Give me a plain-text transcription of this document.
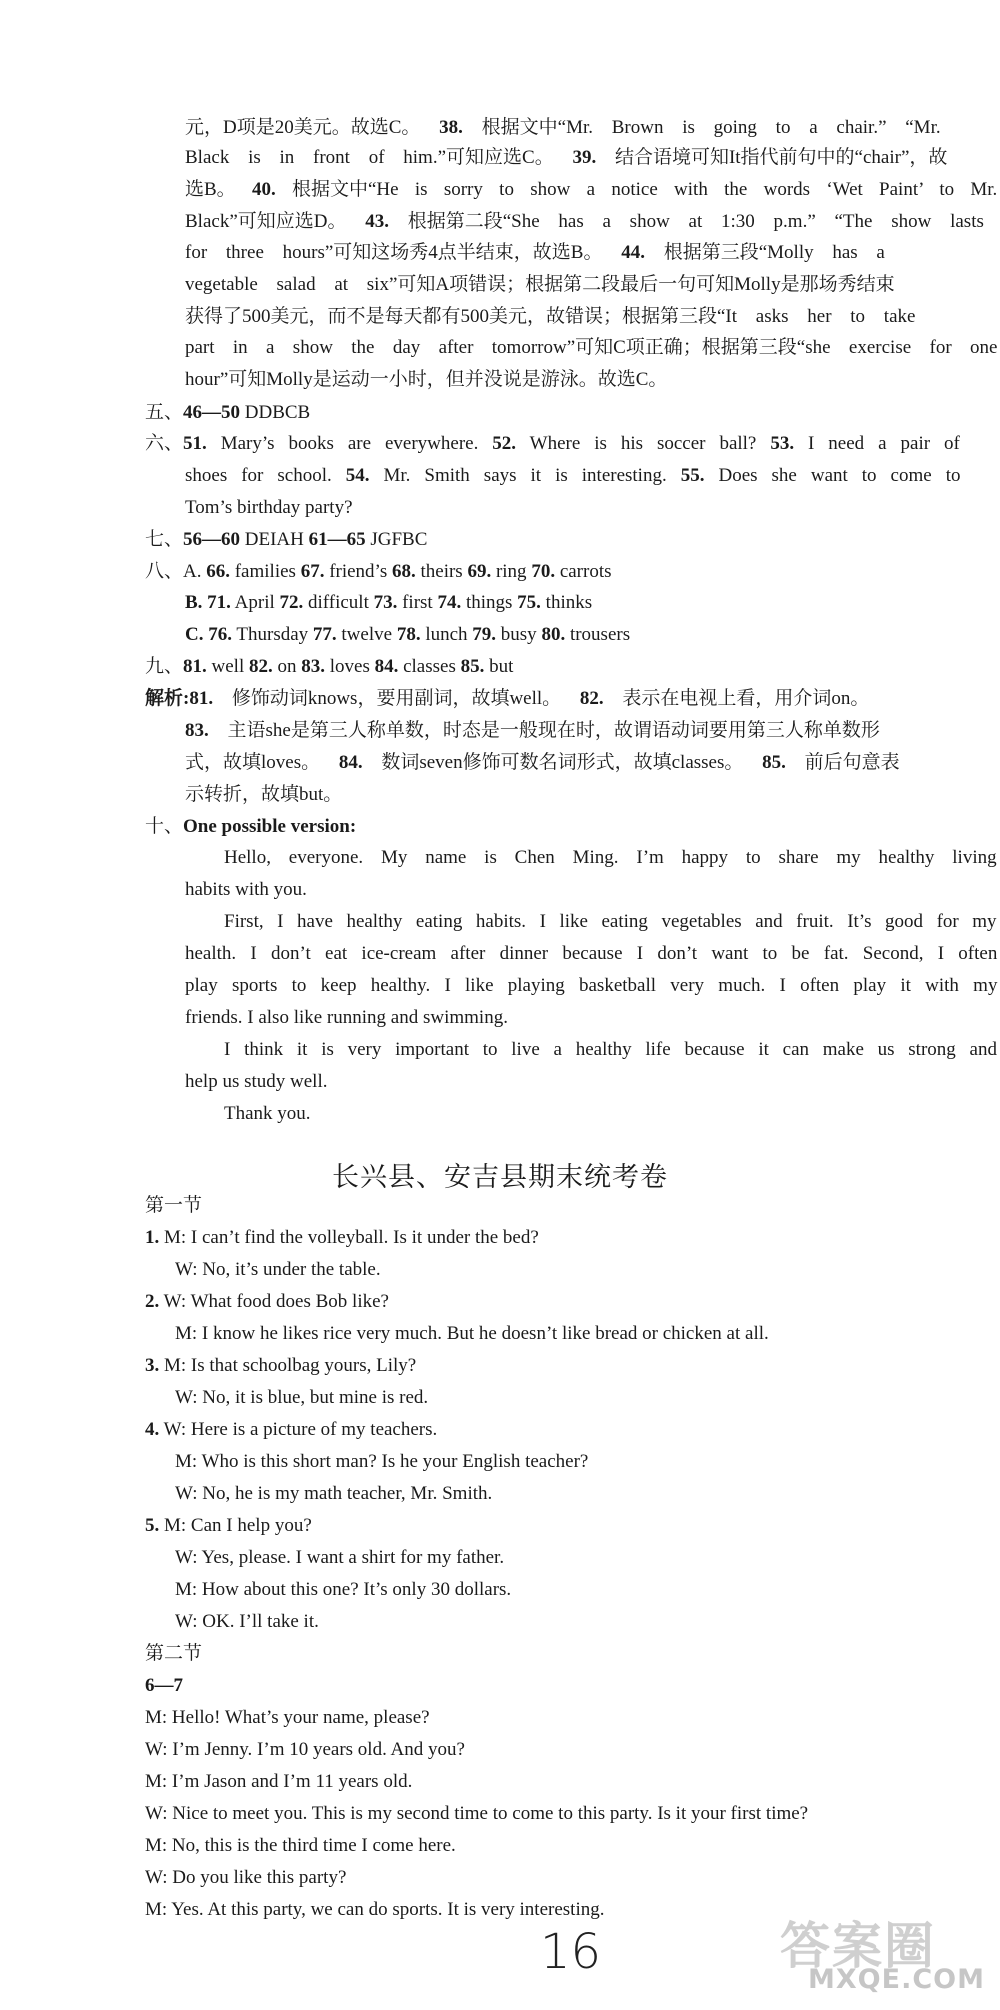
长兴县、安吉县期末统考卷
16	答案圈
MXQE.COM
元，D项是20美元。故选C。 38. 根据文中“Mr. Brown is going to a chair.” “Mr.
Black is in front of him.”可知应选C。 39. 结合语境可知It指代前句中的“chair”，故
选B。 40. 根据文中“He is sorry to show a notice with the words ‘Wet Paint’ to Mr.
Black”可知应选D。 43. 根据第二段“She has a show at 1:30 p.m.” “The show lasts
for three hours”可知这场秀4点半结束，故选B。 44. 根据第三段“Molly has a
vegetable salad at six”可知A项错误；根据第二段最后一句可知Molly是那场秀结束
获得了500美元，而不是每天都有500美元，故错误；根据第三段“It asks her to take
part in a show the day after tomorrow”可知C项正确；根据第三段“she exercise for one
hour”可知Molly是运动一小时，但并没说是游泳。故选C。
五、46—50 DDBCB
六、51. Mary’s books are everywhere. 52. Where is his soccer ball? 53. I need a pair of
shoes for school. 54. Mr. Smith says it is interesting. 55. Does she want to come to
Tom’s birthday party?
七、56—60 DEIAH 61—65 JGFBC
八、A. 66. families 67. friend’s 68. theirs 69. ring 70. carrots
B. 71. April 72. difficult 73. first 74. things 75. thinks
C. 76. Thursday 77. twelve 78. lunch 79. busy 80. trousers
九、81. well 82. on 83. loves 84. classes 85. but
解析:81. 修饰动词knows，要用副词，故填well。 82. 表示在电视上看，用介词on。
83. 主语she是第三人称单数，时态是一般现在时，故谓语动词要用第三人称单数形
式，故填loves。 84. 数词seven修饰可数名词形式，故填classes。 85. 前后句意表
示转折，故填but。
十、One possible version:
Hello, everyone. My name is Chen Ming. I’m happy to share my healthy living
habits with you.
First, I have healthy eating habits. I like eating vegetables and fruit. It’s good for my
health. I don’t eat ice-cream after dinner because I don’t want to be fat. Second, I often
play sports to keep healthy. I like playing basketball very much. I often play it with my
friends. I also like running and swimming.
I think it is very important to live a healthy life because it can make us strong and
help us study well.
Thank you.
第一节
1. M: I can’t find the volleyball. Is it under the bed?
W: No, it’s under the table.
2. W: What food does Bob like?
M: I know he likes rice very much. But he doesn’t like bread or chicken at all.
3. M: Is that schoolbag yours, Lily?
W: No, it is blue, but mine is red.
4. W: Here is a picture of my teachers.
M: Who is this short man? Is he your English teacher?
W: No, he is my math teacher, Mr. Smith.
5. M: Can I help you?
W: Yes, please. I want a shirt for my father.
M: How about this one? It’s only 30 dollars.
W: OK. I’ll take it.
第二节
6—7
M: Hello! What’s your name, please?
W: I’m Jenny. I’m 10 years old. And you?
M: I’m Jason and I’m 11 years old.
W: Nice to meet you. This is my second time to come to this party. Is it your first time?
M: No, this is the third time I come here.
W: Do you like this party?
M: Yes. At this party, we can do sports. It is very interesting.
